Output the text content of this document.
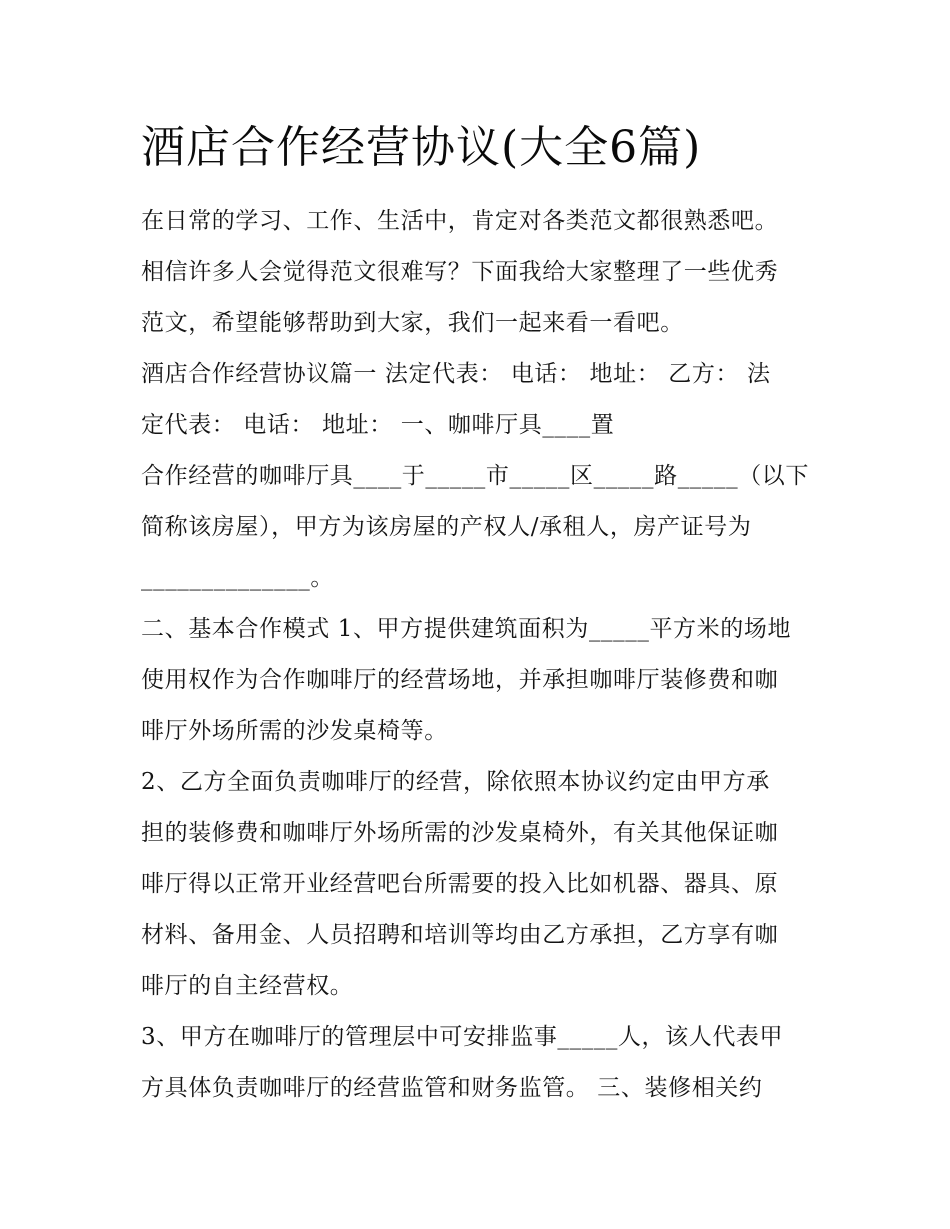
酒店合作经营协议(大全6篇)
在日常的学习、工作、生活中，肯定对各类范文都很熟悉吧。
相信许多人会觉得范文很难写？下面我给大家整理了一些优秀
范文，希望能够帮助到大家，我们一起来看一看吧。
酒店合作经营协议篇一 法定代表： 电话： 地址： 乙方： 法
定代表： 电话： 地址： 一、咖啡厅具____置
合作经营的咖啡厅具____于_____市_____区_____路_____（以下
简称该房屋），甲方为该房屋的产权人/承租人，房产证号为
______________。
二、基本合作模式 1、甲方提供建筑面积为_____平方米的场地
使用权作为合作咖啡厅的经营场地，并承担咖啡厅装修费和咖
啡厅外场所需的沙发桌椅等。
2、乙方全面负责咖啡厅的经营，除依照本协议约定由甲方承
担的装修费和咖啡厅外场所需的沙发桌椅外，有关其他保证咖
啡厅得以正常开业经营吧台所需要的投入比如机器、器具、原
材料、备用金、人员招聘和培训等均由乙方承担，乙方享有咖
啡厅的自主经营权。
3、甲方在咖啡厅的管理层中可安排监事_____人，该人代表甲
方具体负责咖啡厅的经营监管和财务监管。 三、装修相关约
